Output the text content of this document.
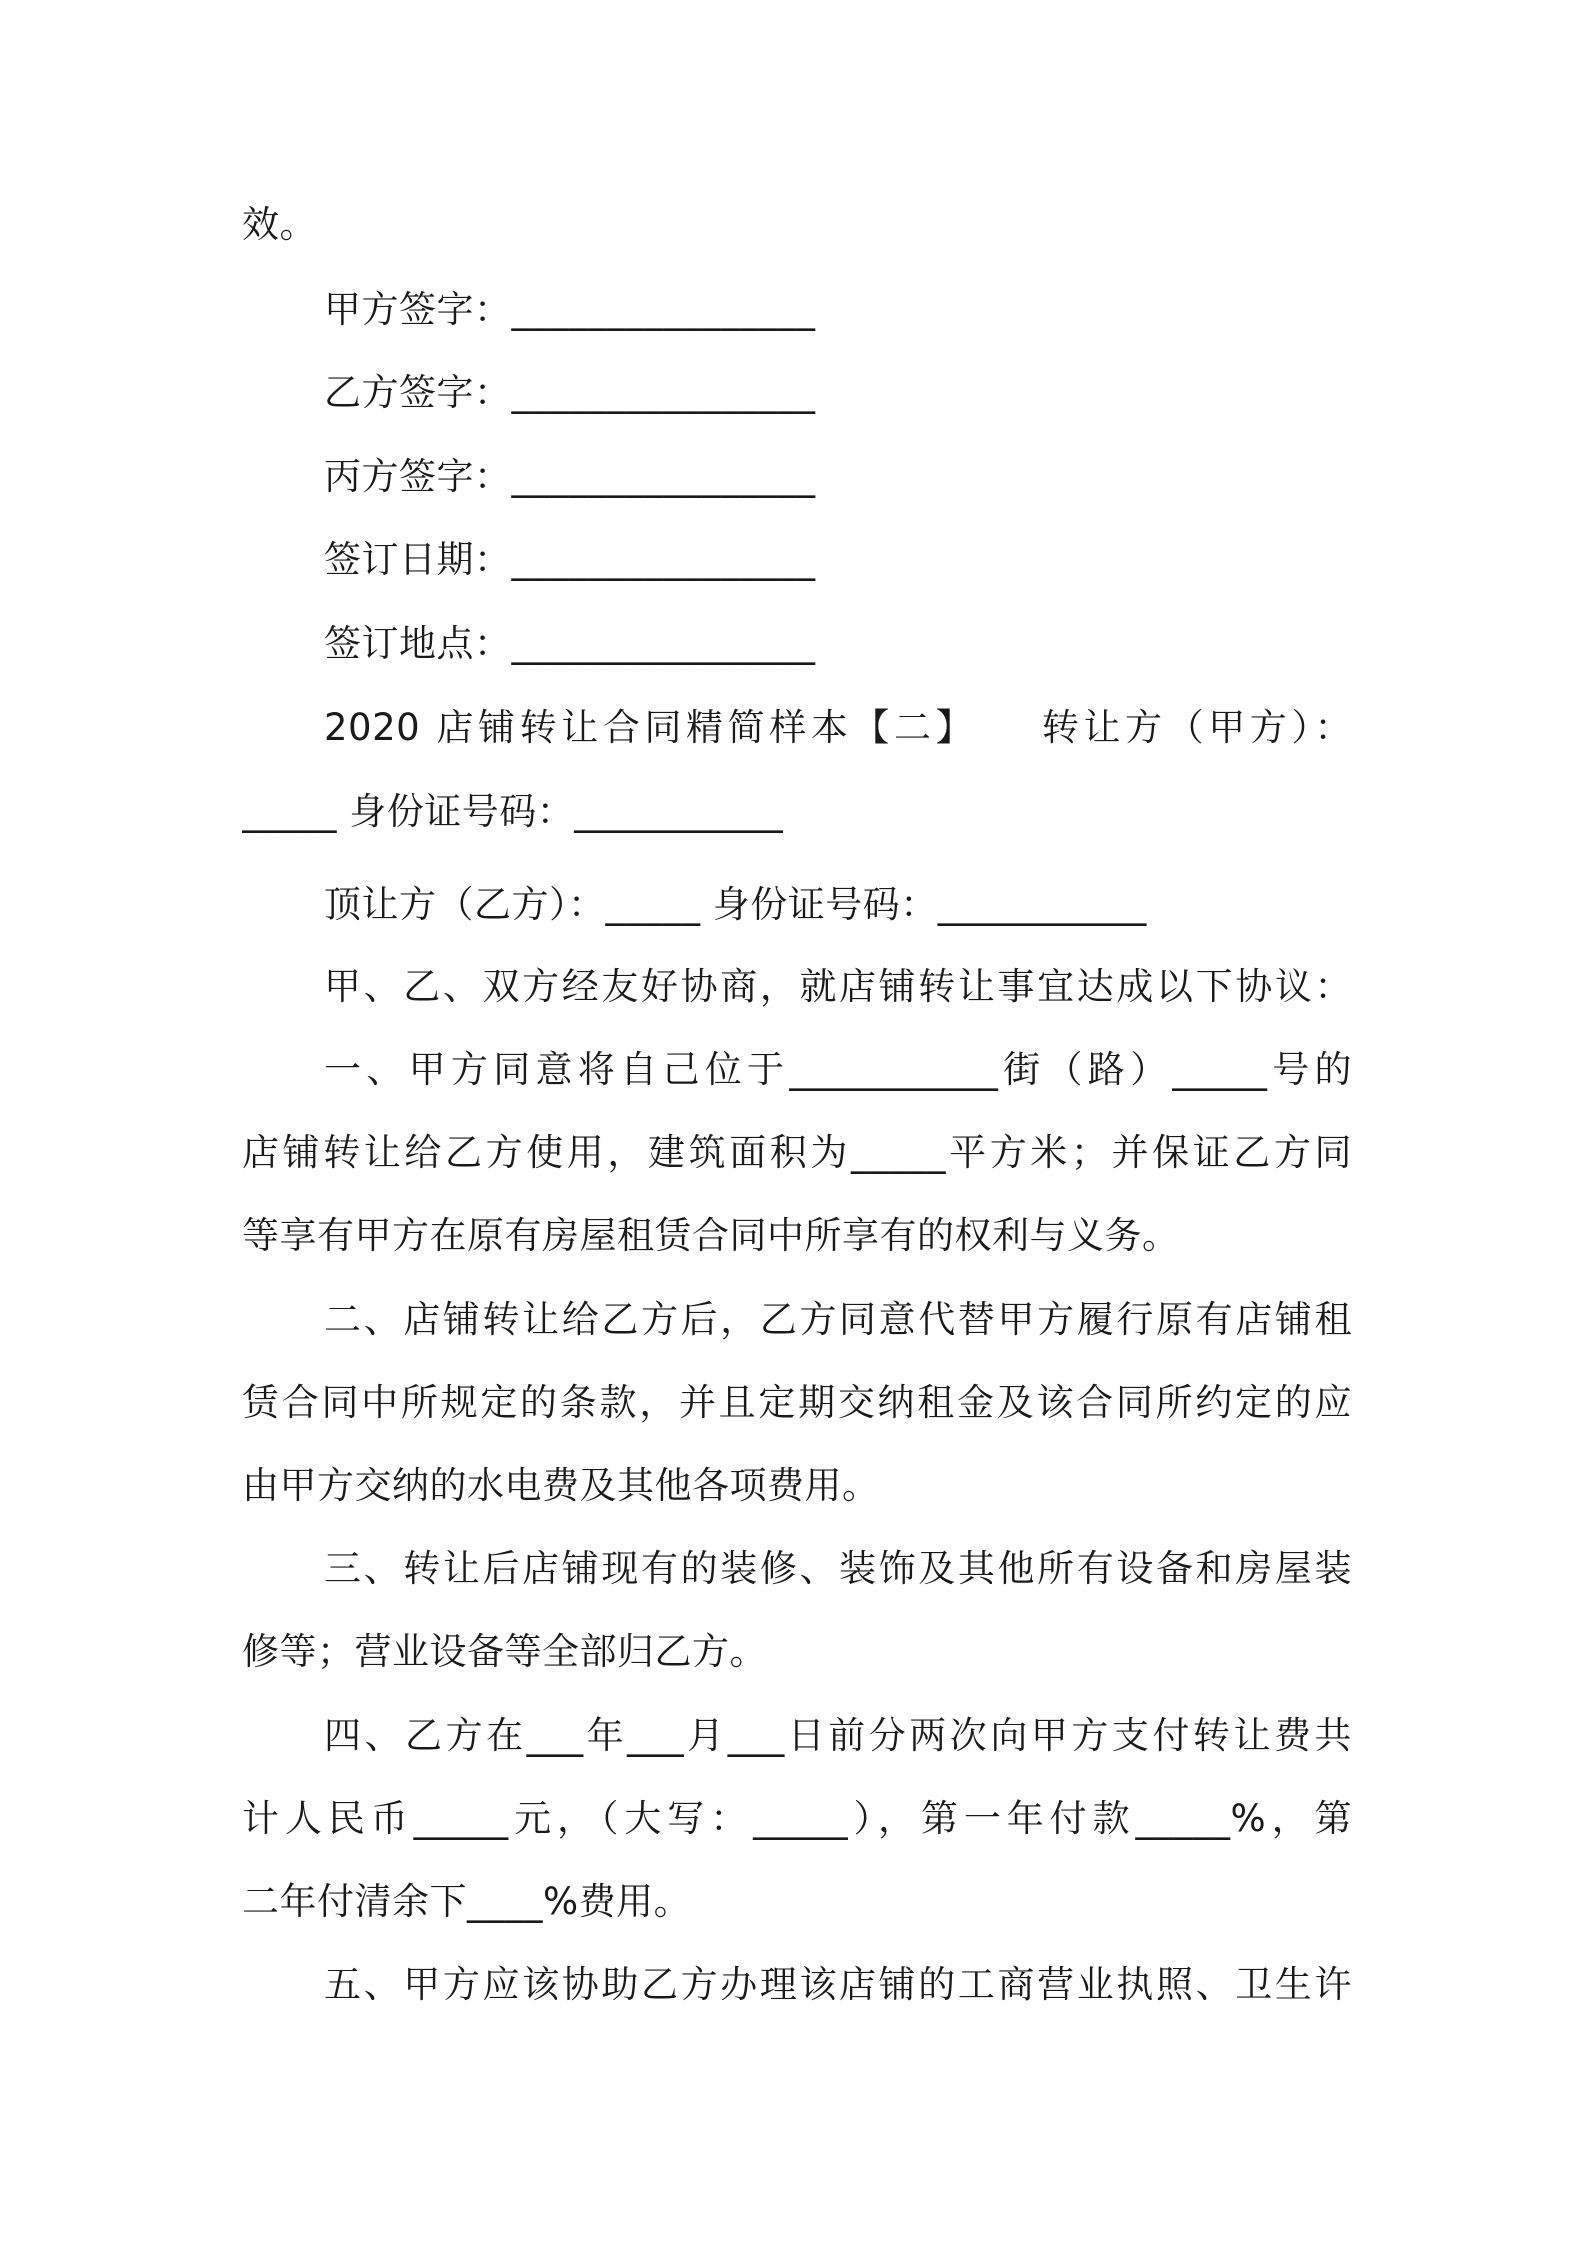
效。
甲方签字：________________
乙方签字：________________
丙方签字：________________
签订日期：________________
签订地点：________________
2020 店铺转让合同精简样本【二】　　转让方（甲方）：
_____ 身份证号码：___________
顶让方（乙方）：_____ 身份证号码：___________
甲、乙、双方经友好协商，就店铺转让事宜达成以下协议：
一、甲方同意将自己位于___________街（路）_____号的
店铺转让给乙方使用，建筑面积为_____平方米；并保证乙方同
等享有甲方在原有房屋租赁合同中所享有的权利与义务。
二、店铺转让给乙方后，乙方同意代替甲方履行原有店铺租
赁合同中所规定的条款，并且定期交纳租金及该合同所约定的应
由甲方交纳的水电费及其他各项费用。
三、转让后店铺现有的装修、装饰及其他所有设备和房屋装
修等；营业设备等全部归乙方。
四、乙方在___年___月___日前分两次向甲方支付转让费共
计人民币_____元，（大写：_____），第一年付款_____%，第
二年付清余下____%费用。
五、甲方应该协助乙方办理该店铺的工商营业执照、卫生许
